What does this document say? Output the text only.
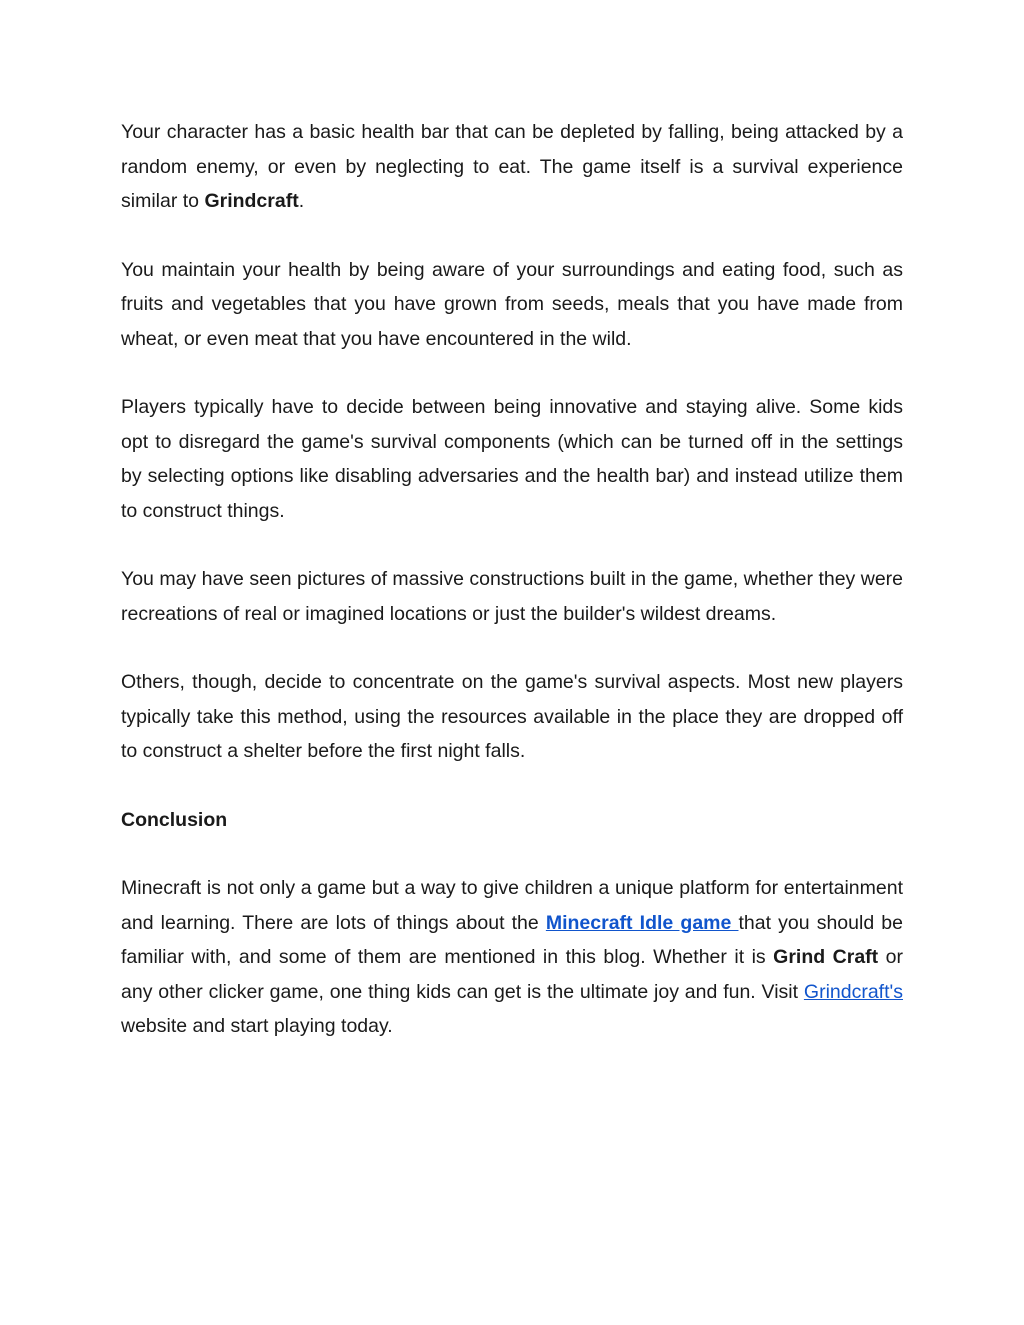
Your character has a basic health bar that can be depleted by falling, being attacked by a random enemy, or even by neglecting to eat. The game itself is a survival experience similar to Grindcraft.

You maintain your health by being aware of your surroundings and eating food, such as fruits and vegetables that you have grown from seeds, meals that you have made from wheat, or even meat that you have encountered in the wild.

Players typically have to decide between being innovative and staying alive. Some kids opt to disregard the game's survival components (which can be turned off in the settings by selecting options like disabling adversaries and the health bar) and instead utilize them to construct things.

You may have seen pictures of massive constructions built in the game, whether they were recreations of real or imagined locations or just the builder's wildest dreams.

Others, though, decide to concentrate on the game's survival aspects. Most new players typically take this method, using the resources available in the place they are dropped off to construct a shelter before the first night falls.

Conclusion

Minecraft is not only a game but a way to give children a unique platform for entertainment and learning. There are lots of things about the Minecraft Idle game that you should be familiar with, and some of them are mentioned in this blog. Whether it is Grind Craft or any other clicker game, one thing kids can get is the ultimate joy and fun. Visit Grindcraft's website and start playing today.
